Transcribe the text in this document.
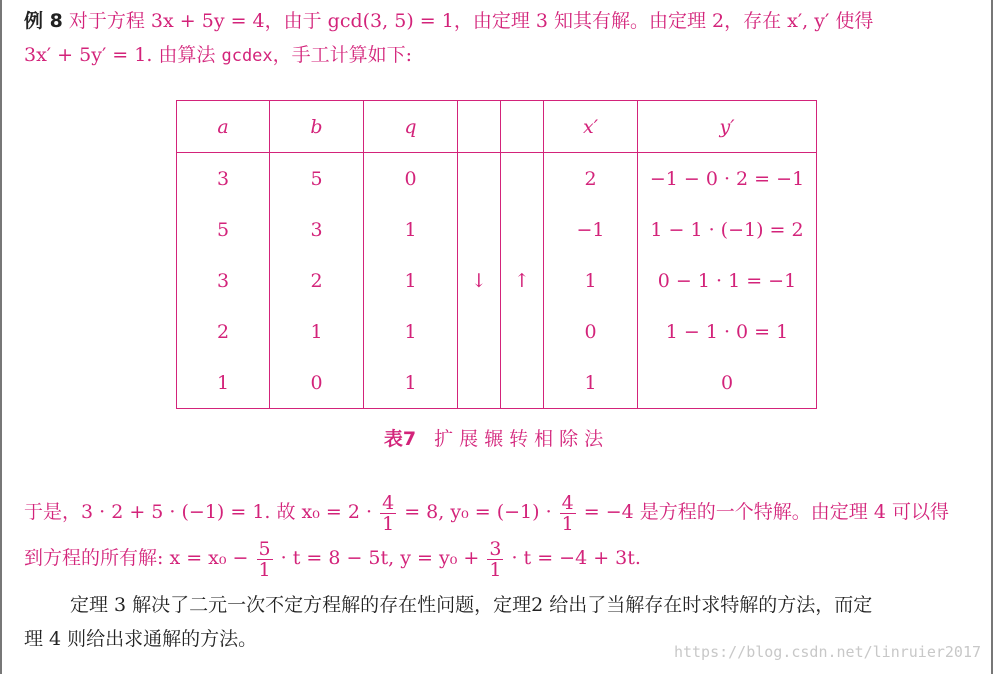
例 8 对于方程 3x + 5y = 4，由于 gcd(3, 5) = 1，由定理 3 知其有解。由定理 2，存在 x′, y′ 使得
3x′ + 5y′ = 1. 由算法 gcdex，手工计算如下:
a	b	q			x′	y′
3	5	0			2	−1 − 0 · 2 = −1
5	3	1			−1	1 − 1 · (−1) = 2
3	2	1	↓	↑	1	0 − 1 · 1 = −1
2	1	1			0	1 − 1 · 0 = 1
1	0	1			1	0
表7 扩展辗转相除法
于是，3 · 2 + 5 · (−1) = 1. 故 $x_0 = 2 \cdot \frac{4}{1} = 8$, $y_0 = (-1) \cdot \frac{4}{1} = -4$ 是方程的一个特解。由定理 4 可以得
到方程的所有解: $x = x_0 - \frac{5}{1} \cdot t = 8 - 5t$, $y = y_0 + \frac{3}{1} \cdot t = -4 + 3t$.
定理 3 解决了二元一次不定方程解的存在性问题，定理2 给出了当解存在时求特解的方法，而定
理 4 则给出求通解的方法。
https://blog.csdn.net/linruier2017
